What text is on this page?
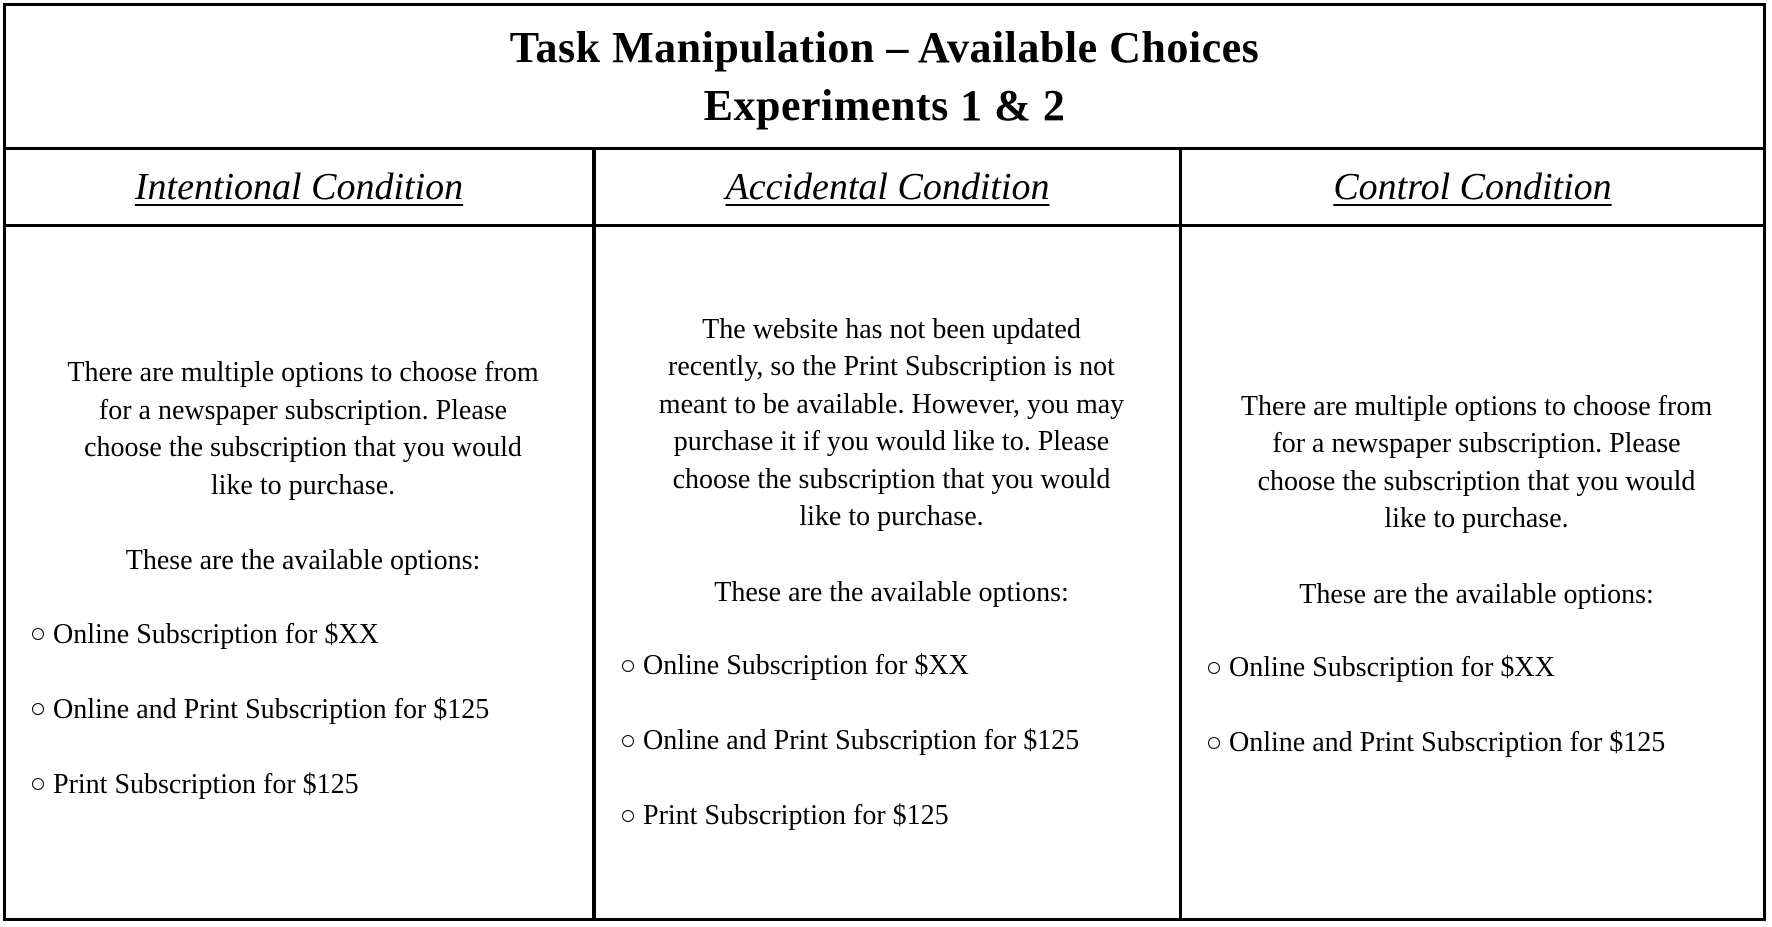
Task Manipulation – Available Choices
Experiments 1 & 2
Intentional Condition
There are multiple options to choose from
for a newspaper subscription. Please
choose the subscription that you would
like to purchase.
These are the available options:
Online Subscription for $XX
Online and Print Subscription for $125
Print Subscription for $125
Accidental Condition
The website has not been updated
recently, so the Print Subscription is not
meant to be available. However, you may
purchase it if you would like to. Please
choose the subscription that you would
like to purchase.
These are the available options:
Online Subscription for $XX
Online and Print Subscription for $125
Print Subscription for $125
Control Condition
There are multiple options to choose from
for a newspaper subscription. Please
choose the subscription that you would
like to purchase.
These are the available options:
Online Subscription for $XX
Online and Print Subscription for $125
